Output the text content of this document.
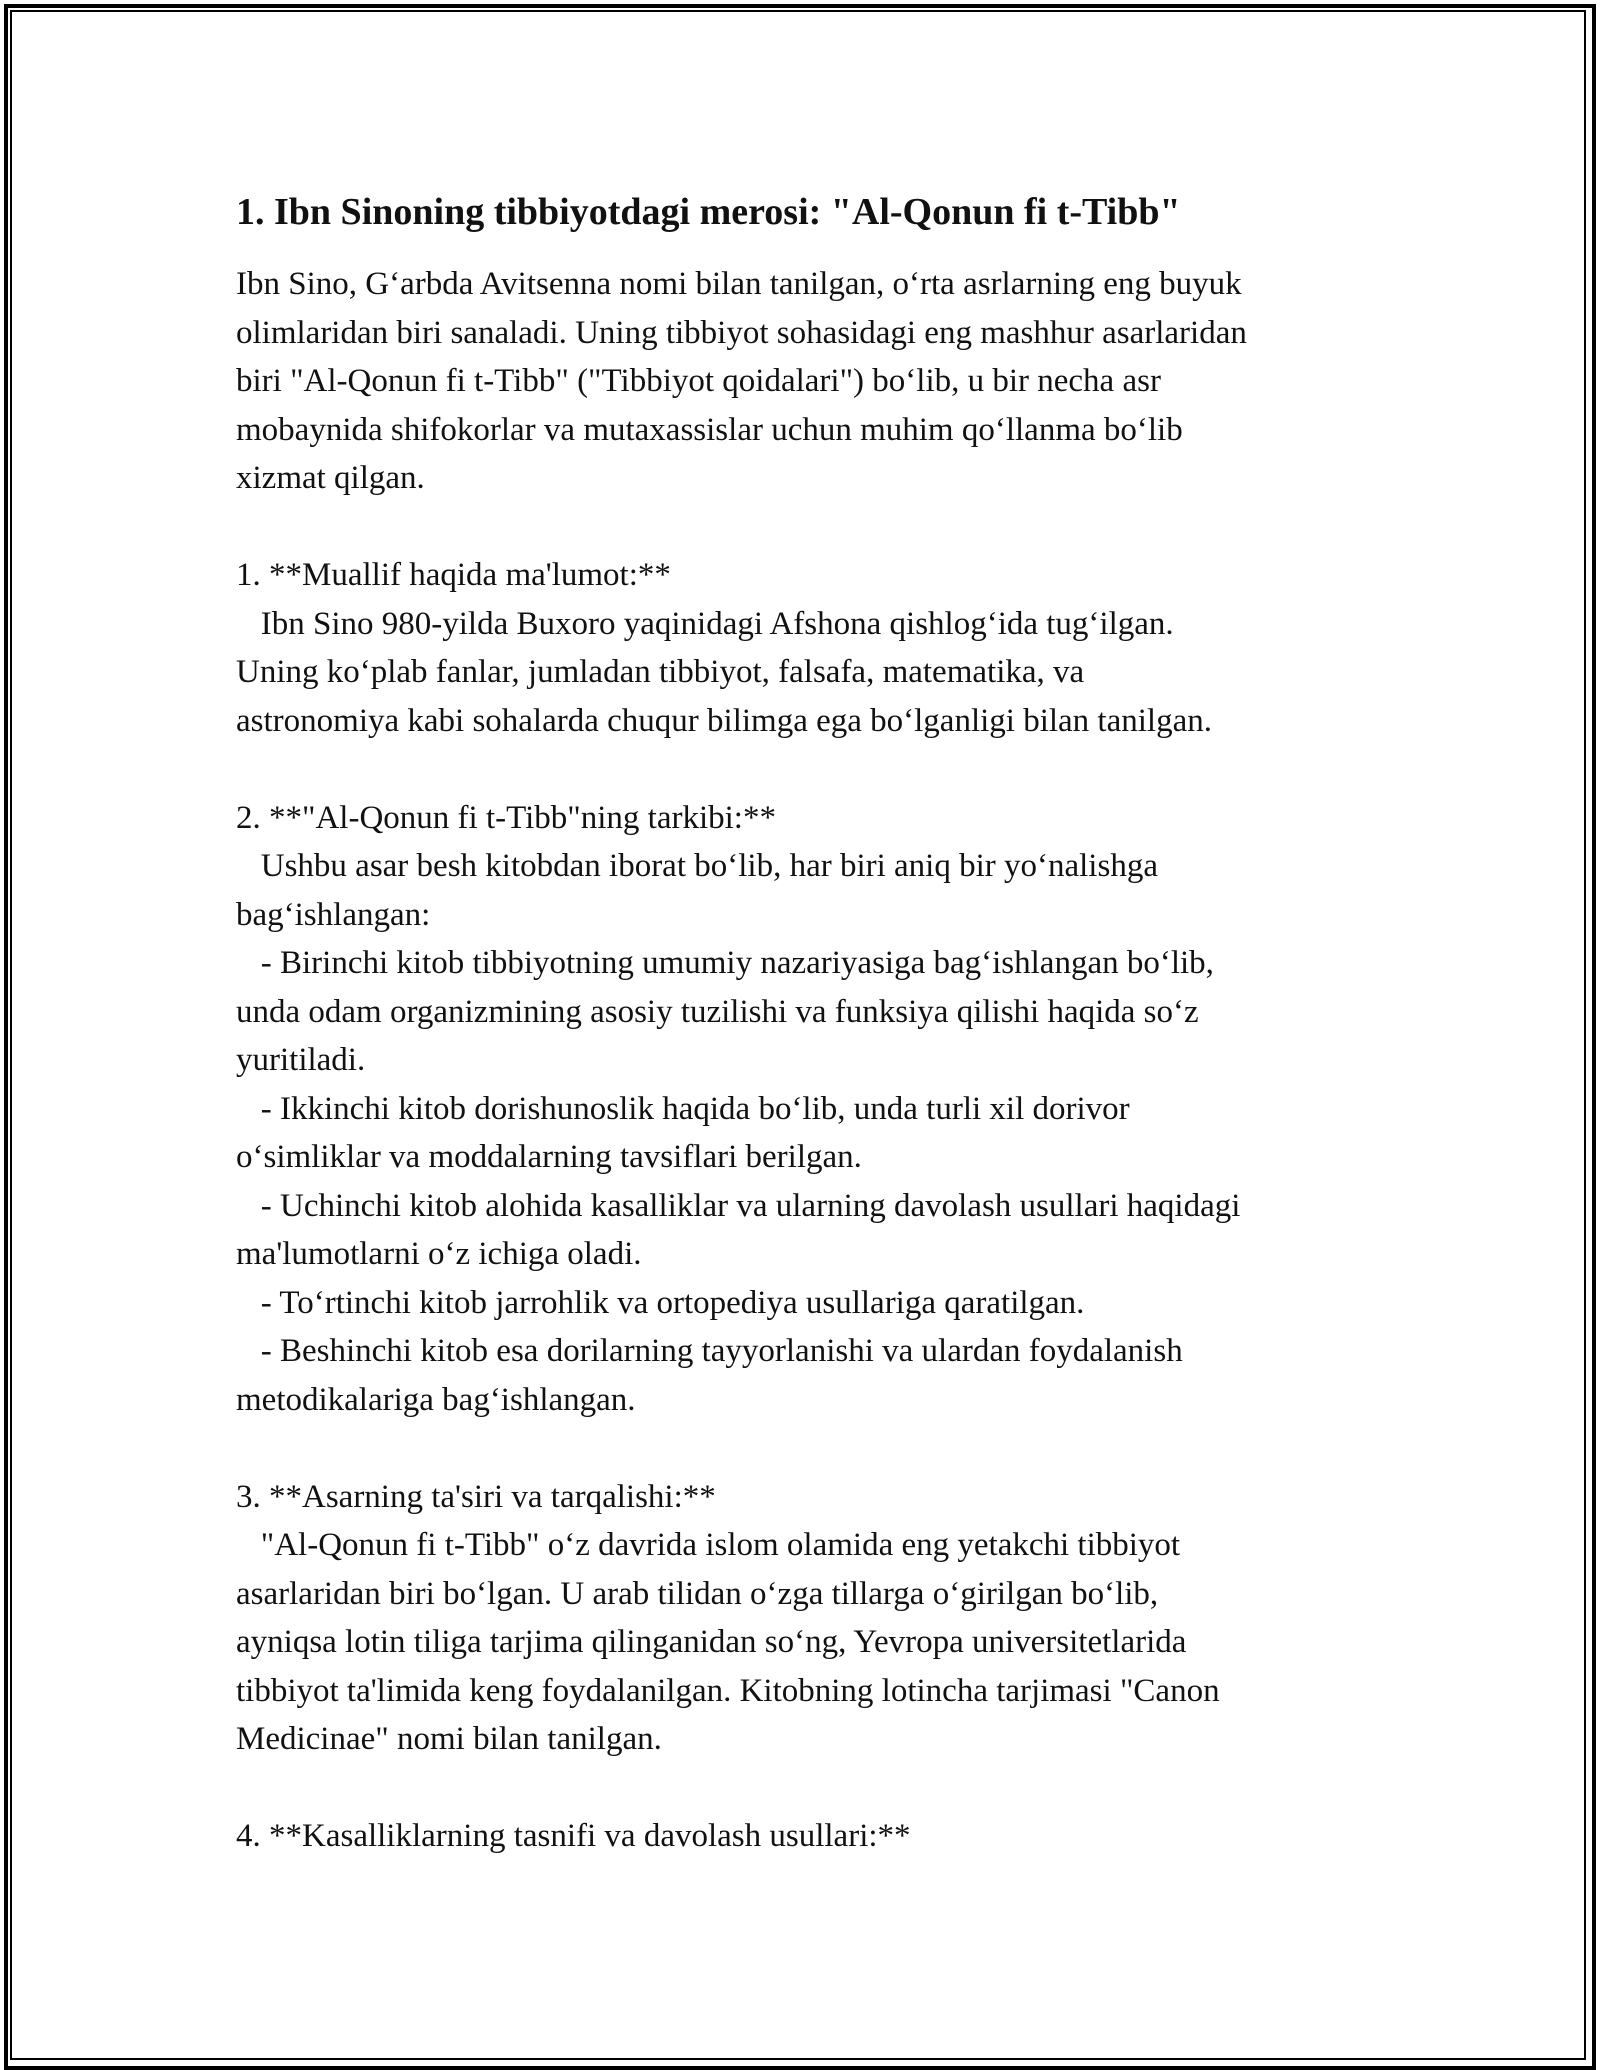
1. Ibn Sinoning tibbiyotdagi merosi: "Al-Qonun fi t-Tibb"

Ibn Sino, G‘arbda Avitsenna nomi bilan tanilgan, o‘rta asrlarning eng buyuk
olimlaridan biri sanaladi. Uning tibbiyot sohasidagi eng mashhur asarlaridan
biri "Al-Qonun fi t-Tibb" ("Tibbiyot qoidalari") bo‘lib, u bir necha asr
mobaynida shifokorlar va mutaxassislar uchun muhim qo‘llanma bo‘lib
xizmat qilgan.

1. **Muallif haqida ma'lumot:**

Ibn Sino 980-yilda Buxoro yaqinidagi Afshona qishlog‘ida tug‘ilgan.
Uning ko‘plab fanlar, jumladan tibbiyot, falsafa, matematika, va
astronomiya kabi sohalarda chuqur bilimga ega bo‘lganligi bilan tanilgan.

2. **"Al-Qonun fi t-Tibb"ning tarkibi:**

Ushbu asar besh kitobdan iborat bo‘lib, har biri aniq bir yo‘nalishga
bag‘ishlangan:
- Birinchi kitob tibbiyotning umumiy nazariyasiga bag‘ishlangan bo‘lib,
unda odam organizmining asosiy tuzilishi va funksiya qilishi haqida so‘z
yuritiladi.
- Ikkinchi kitob dorishunoslik haqida bo‘lib, unda turli xil dorivor
o‘simliklar va moddalarning tavsiflari berilgan.
- Uchinchi kitob alohida kasalliklar va ularning davolash usullari haqidagi
ma'lumotlarni o‘z ichiga oladi.
- To‘rtinchi kitob jarrohlik va ortopediya usullariga qaratilgan.
- Beshinchi kitob esa dorilarning tayyorlanishi va ulardan foydalanish
metodikalariga bag‘ishlangan.

3. **Asarning ta'siri va tarqalishi:**

"Al-Qonun fi t-Tibb" o‘z davrida islom olamida eng yetakchi tibbiyot
asarlaridan biri bo‘lgan. U arab tilidan o‘zga tillarga o‘girilgan bo‘lib,
ayniqsa lotin tiliga tarjima qilinganidan so‘ng, Yevropa universitetlarida
tibbiyot ta'limida keng foydalanilgan. Kitobning lotincha tarjimasi "Canon
Medicinae" nomi bilan tanilgan.

4. **Kasalliklarning tasnifi va davolash usullari:**
